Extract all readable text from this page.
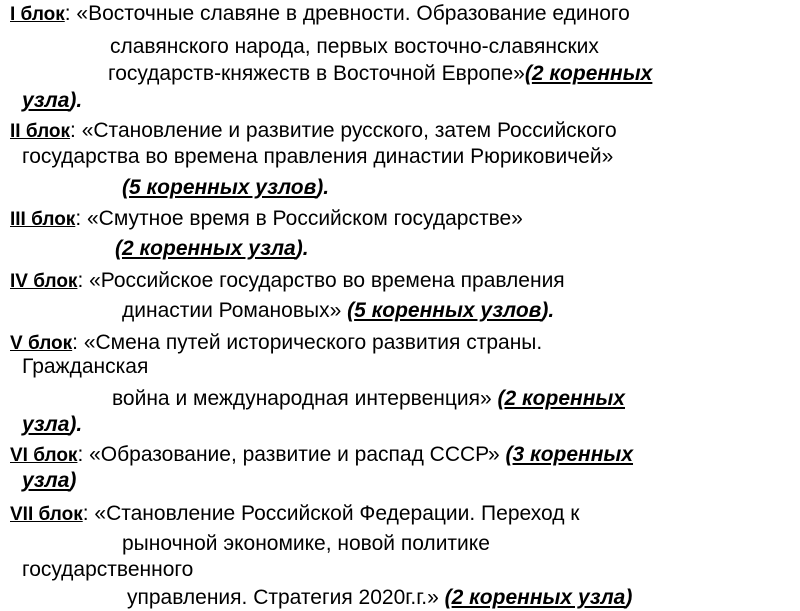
I блок: «Восточные славяне в древности. Образование единого
славянского народа, первых восточно-славянских
государств-княжеств в Восточной Европе»(2 коренных
узла).
II блок: «Становление и развитие русского, затем Российского
государства во времена правления династии Рюриковичей»
(5 коренных узлов).
III блок: «Смутное время в Российском государстве»
(2 коренных узла).
IV блок: «Российское государство во времена правления
династии Романовых» (5 коренных узлов).
V блок: «Смена путей исторического развития страны.
Гражданская
война и международная интервенция» (2 коренных
узла).
VI блок: «Образование, развитие и распад СССР» (3 коренных
узла)
VII блок: «Становление Российской Федерации. Переход к
рыночной экономике, новой политике
государственного
управления. Стратегия 2020г.г.» (2 коренных узла)
